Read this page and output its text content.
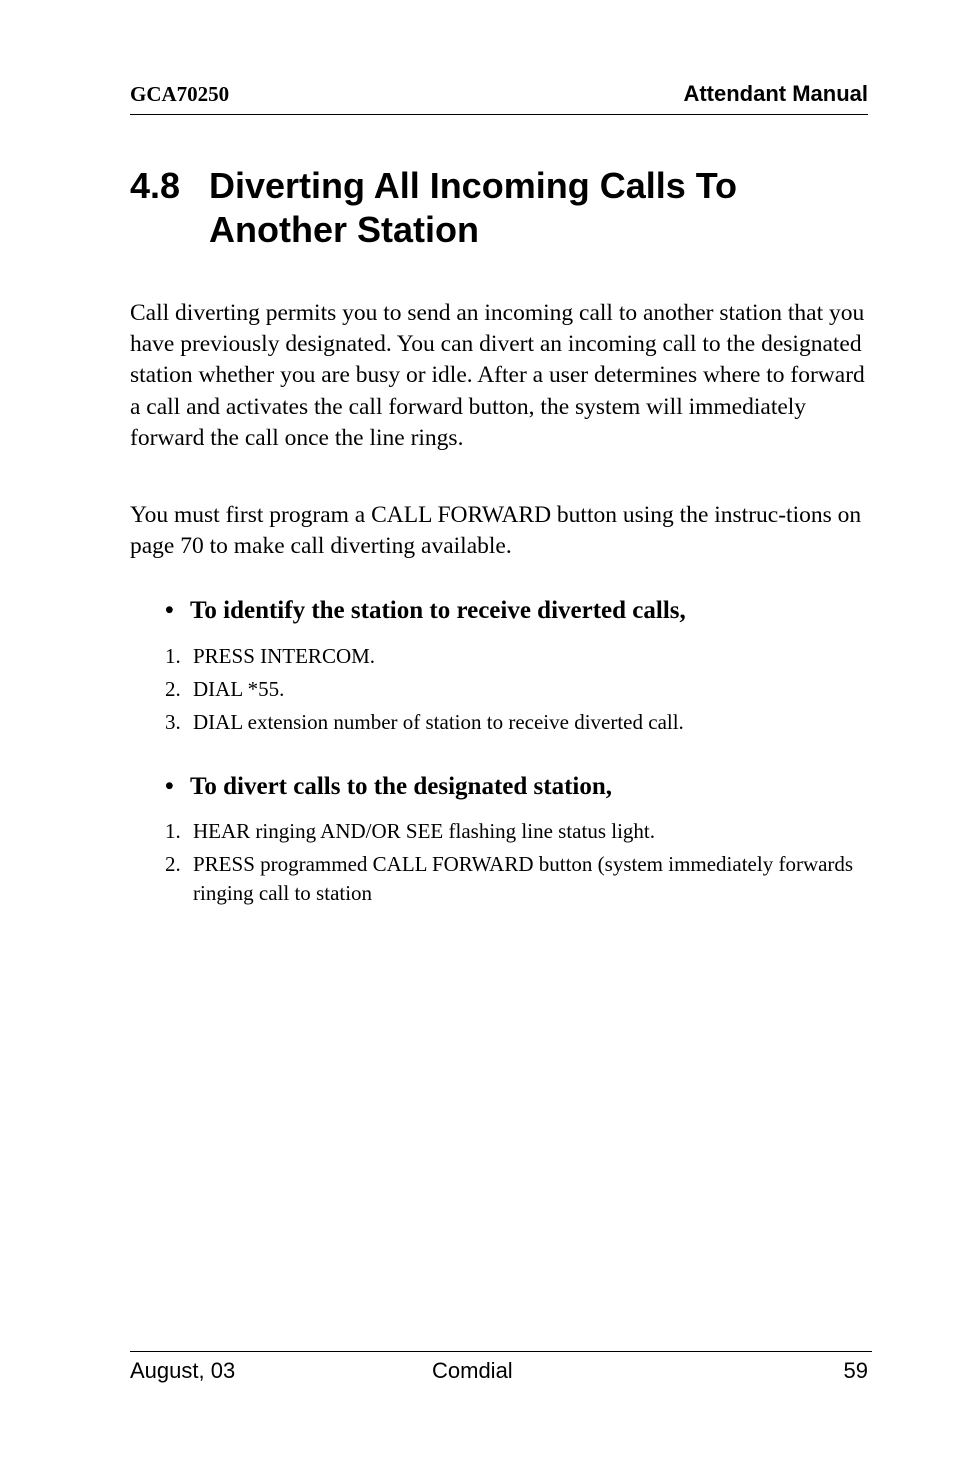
GCA70250	Attendant Manual
4.8 Diverting All Incoming Calls To Another Station

Call diverting permits you to send an incoming call to another station that you have previously designated. You can divert an incoming call to the designated station whether you are busy or idle. After a user determines where to forward a call and activates the call forward button, the system will immediately forward the call once the line rings.

You must first program a CALL FORWARD button using the instruc-tions on page 70 to make call diverting available.

• To identify the station to receive diverted calls,
1. PRESS INTERCOM.
2. DIAL *55.
3. DIAL extension number of station to receive diverted call.
• To divert calls to the designated station,
1. HEAR ringing AND/OR SEE flashing line status light.
2. PRESS programmed CALL FORWARD button (system immediately forwards ringing call to station
August, 03	Comdial	59
